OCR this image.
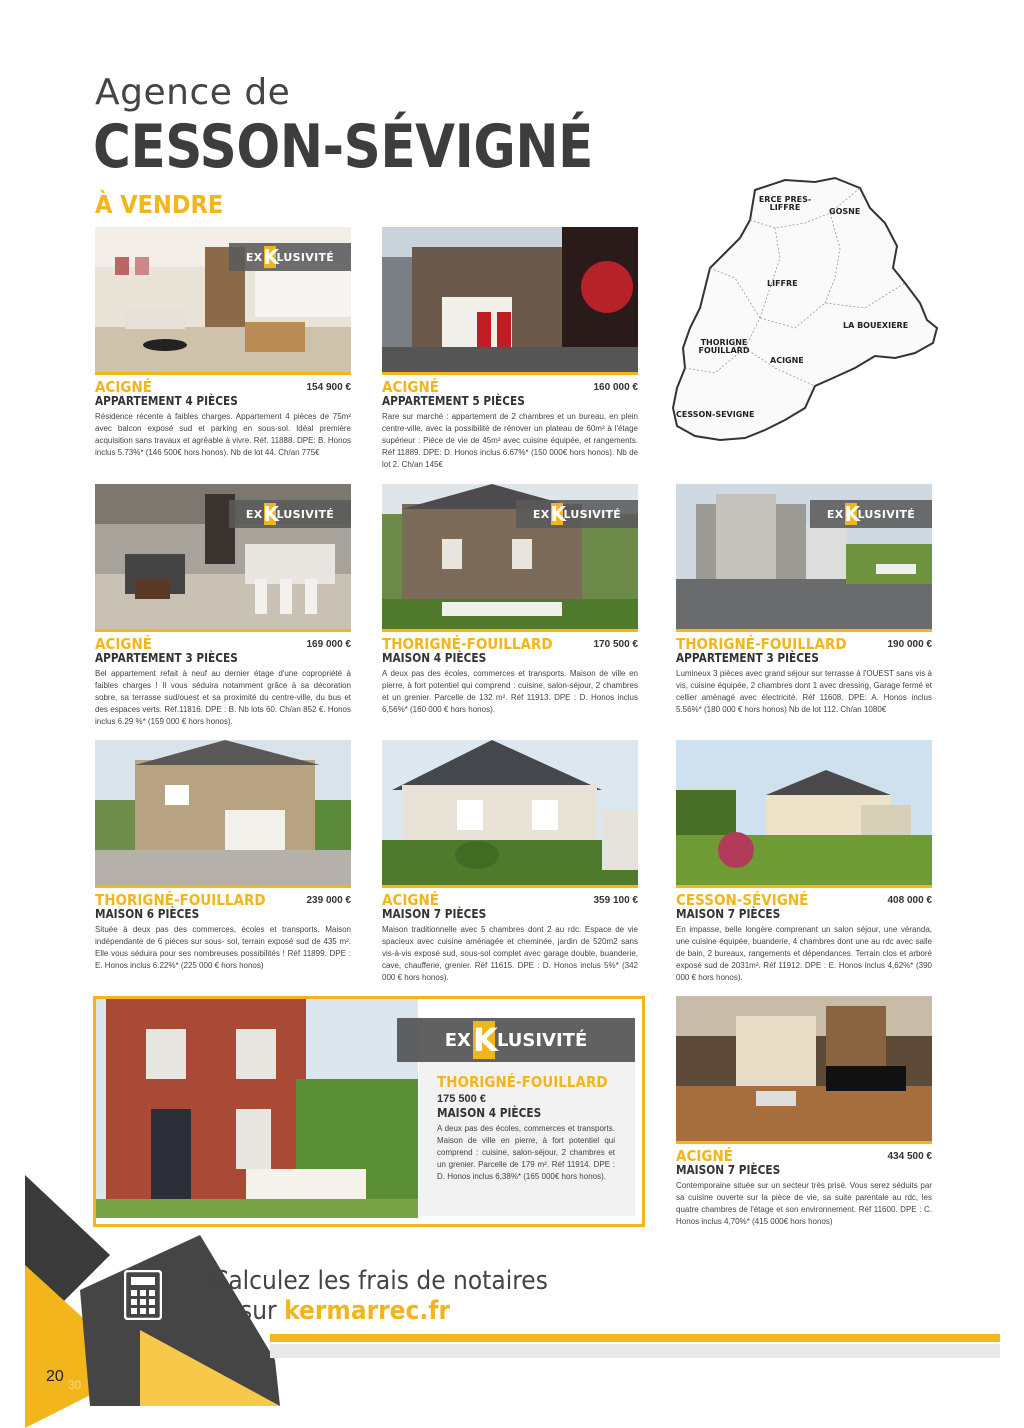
Agence de
CESSON-SÉVIGNÉ
À VENDRE	ERCE PRES-LIFFRE	GOSNE
LIFFRE
LA BOUEXIERE
THORIGNE FOUILLARD
ACIGNE
CESSON-SEVIGNE
EX K
LUSIVITÉ
ACIGNÉ	154 900 €
APPARTEMENT 4 PIÈCES
Résidence récente à faibles charges. Appartement 4 pièces de 75m² avec balcon exposé sud et parking en sous-sol. Idéal première acquisition sans travaux et agréable à vivre. Réf. 11888. DPE: B. Honos inclus 5.73%* (146 500€ hors honos). Nb de lot 44. Ch/an 775€
ACIGNÉ	160 000 €
APPARTEMENT 5 PIÈCES
Rare sur marché : appartement de 2 chambres et un bureau, en plein centre-ville, avec la possibilité de rénover un plateau de 60m² à l'étage supérieur : Pièce de vie de 45m² avec cuisine équipée, et rangements. Réf 11889. DPE: D. Honos inclus 6.67%* (150 000€ hors honos). Nb de lot 2. Ch/an 145€
EX K
LUSIVITÉ	EX K
LUSIVITÉ	EX K
LUSIVITÉ
ACIGNÉ	169 000 €
APPARTEMENT 3 PIÈCES
Bel appartement refait à neuf au dernier étage d'une copropriété à faibles charges ! Il vous séduira notamment grâce à sa décoration sobre, sa terrasse sud/ouest et sa proximité du centre-ville, du bus et des espaces verts. Réf.11816. DPE : B. Nb lots 60. Ch/an 852 €. Honos inclus 6.29 %* (159 000 € hors honos).
THORIGNÉ-FOUILLARD	170 500 €
MAISON 4 PIÈCES
A deux pas des écoles, commerces et transports. Maison de ville en pierre, à fort potentiel qui comprend : cuisine, salon-séjour, 2 chambres et un grenier. Parcelle de 132 m². Réf 11913. DPE : D. Honos inclus 6,56%* (160 000 € hors honos).
THORIGNÉ-FOUILLARD	190 000 €
APPARTEMENT 3 PIÈCES
Lumineux 3 pièces avec grand séjour sur terrasse à l'OUEST sans vis à vis, cuisine équipée, 2 chambres dont 1 avec dressing, Garage fermé et cellier aménagé avec électricité. Réf 11608. DPE: A. Honos inclus 5.56%* (180 000 € hors honos) Nb de lot 112. Ch/an 1080€
THORIGNÉ-FOUILLARD	239 000 €
MAISON 6 PIÈCES
Située à deux pas des commerces, écoles et transports. Maison indépendante de 6 pièces sur sous- sol, terrain exposé sud de 435 m². Elle vous séduira pour ses nombreuses possibilités ! Réf 11899. DPE : E. Honos inclus 6.22%* (225 000 € hors honos)
ACIGNÉ	359 100 €
MAISON 7 PIÈCES
Maison traditionnelle avec 5 chambres dont 2 au rdc. Espace de vie spacieux avec cuisine aménagée et cheminée, jardin de 520m2 sans vis-à-vis exposé sud, sous-sol complet avec garage double, buanderie, cave, chaufferie, grenier. Réf 11615. DPE : D. Honos inclus 5%* (342 000 € hors honos).
CESSON-SÉVIGNÉ	408 000 €
MAISON 7 PIÈCES
En impasse, belle longère comprenant un salon séjour, une véranda, une cuisine équipée, buanderie, 4 chambres dont une au rdc avec salle de bain, 2 bureaux, rangements et dépendances. Terrain clos et arboré exposé sud de 2031m². Réf 11912. DPE : E. Honos inclus 4,62%* (390 000 € hors honos).
EX K LUSIVITÉ
THORIGNÉ-FOUILLARD
175 500 €
MAISON 4 PIÈCES
A deux pas des écoles, commerces et transports. Maison de ville en pierre, à fort potentiel qui comprend : cuisine, salon-séjour, 2 chambres et un grenier. Parcelle de 179 m². Réf 11914. DPE : D. Honos inclus 6,38%* (165 000€ hors honos).
ACIGNÉ	434 500 €
MAISON 7 PIÈCES
Contemporaine située sur un secteur très prisé. Vous serez séduits par sa cuisine ouverte sur la pièce de vie, sa suite parentale au rdc, les quatre chambres de l'étage et son environnement. Réf 11600. DPE : C. Honos inclus 4,70%* (415 000€ hors honos)
Calculez les frais de notaires
sur kermarrec.fr
20 30
